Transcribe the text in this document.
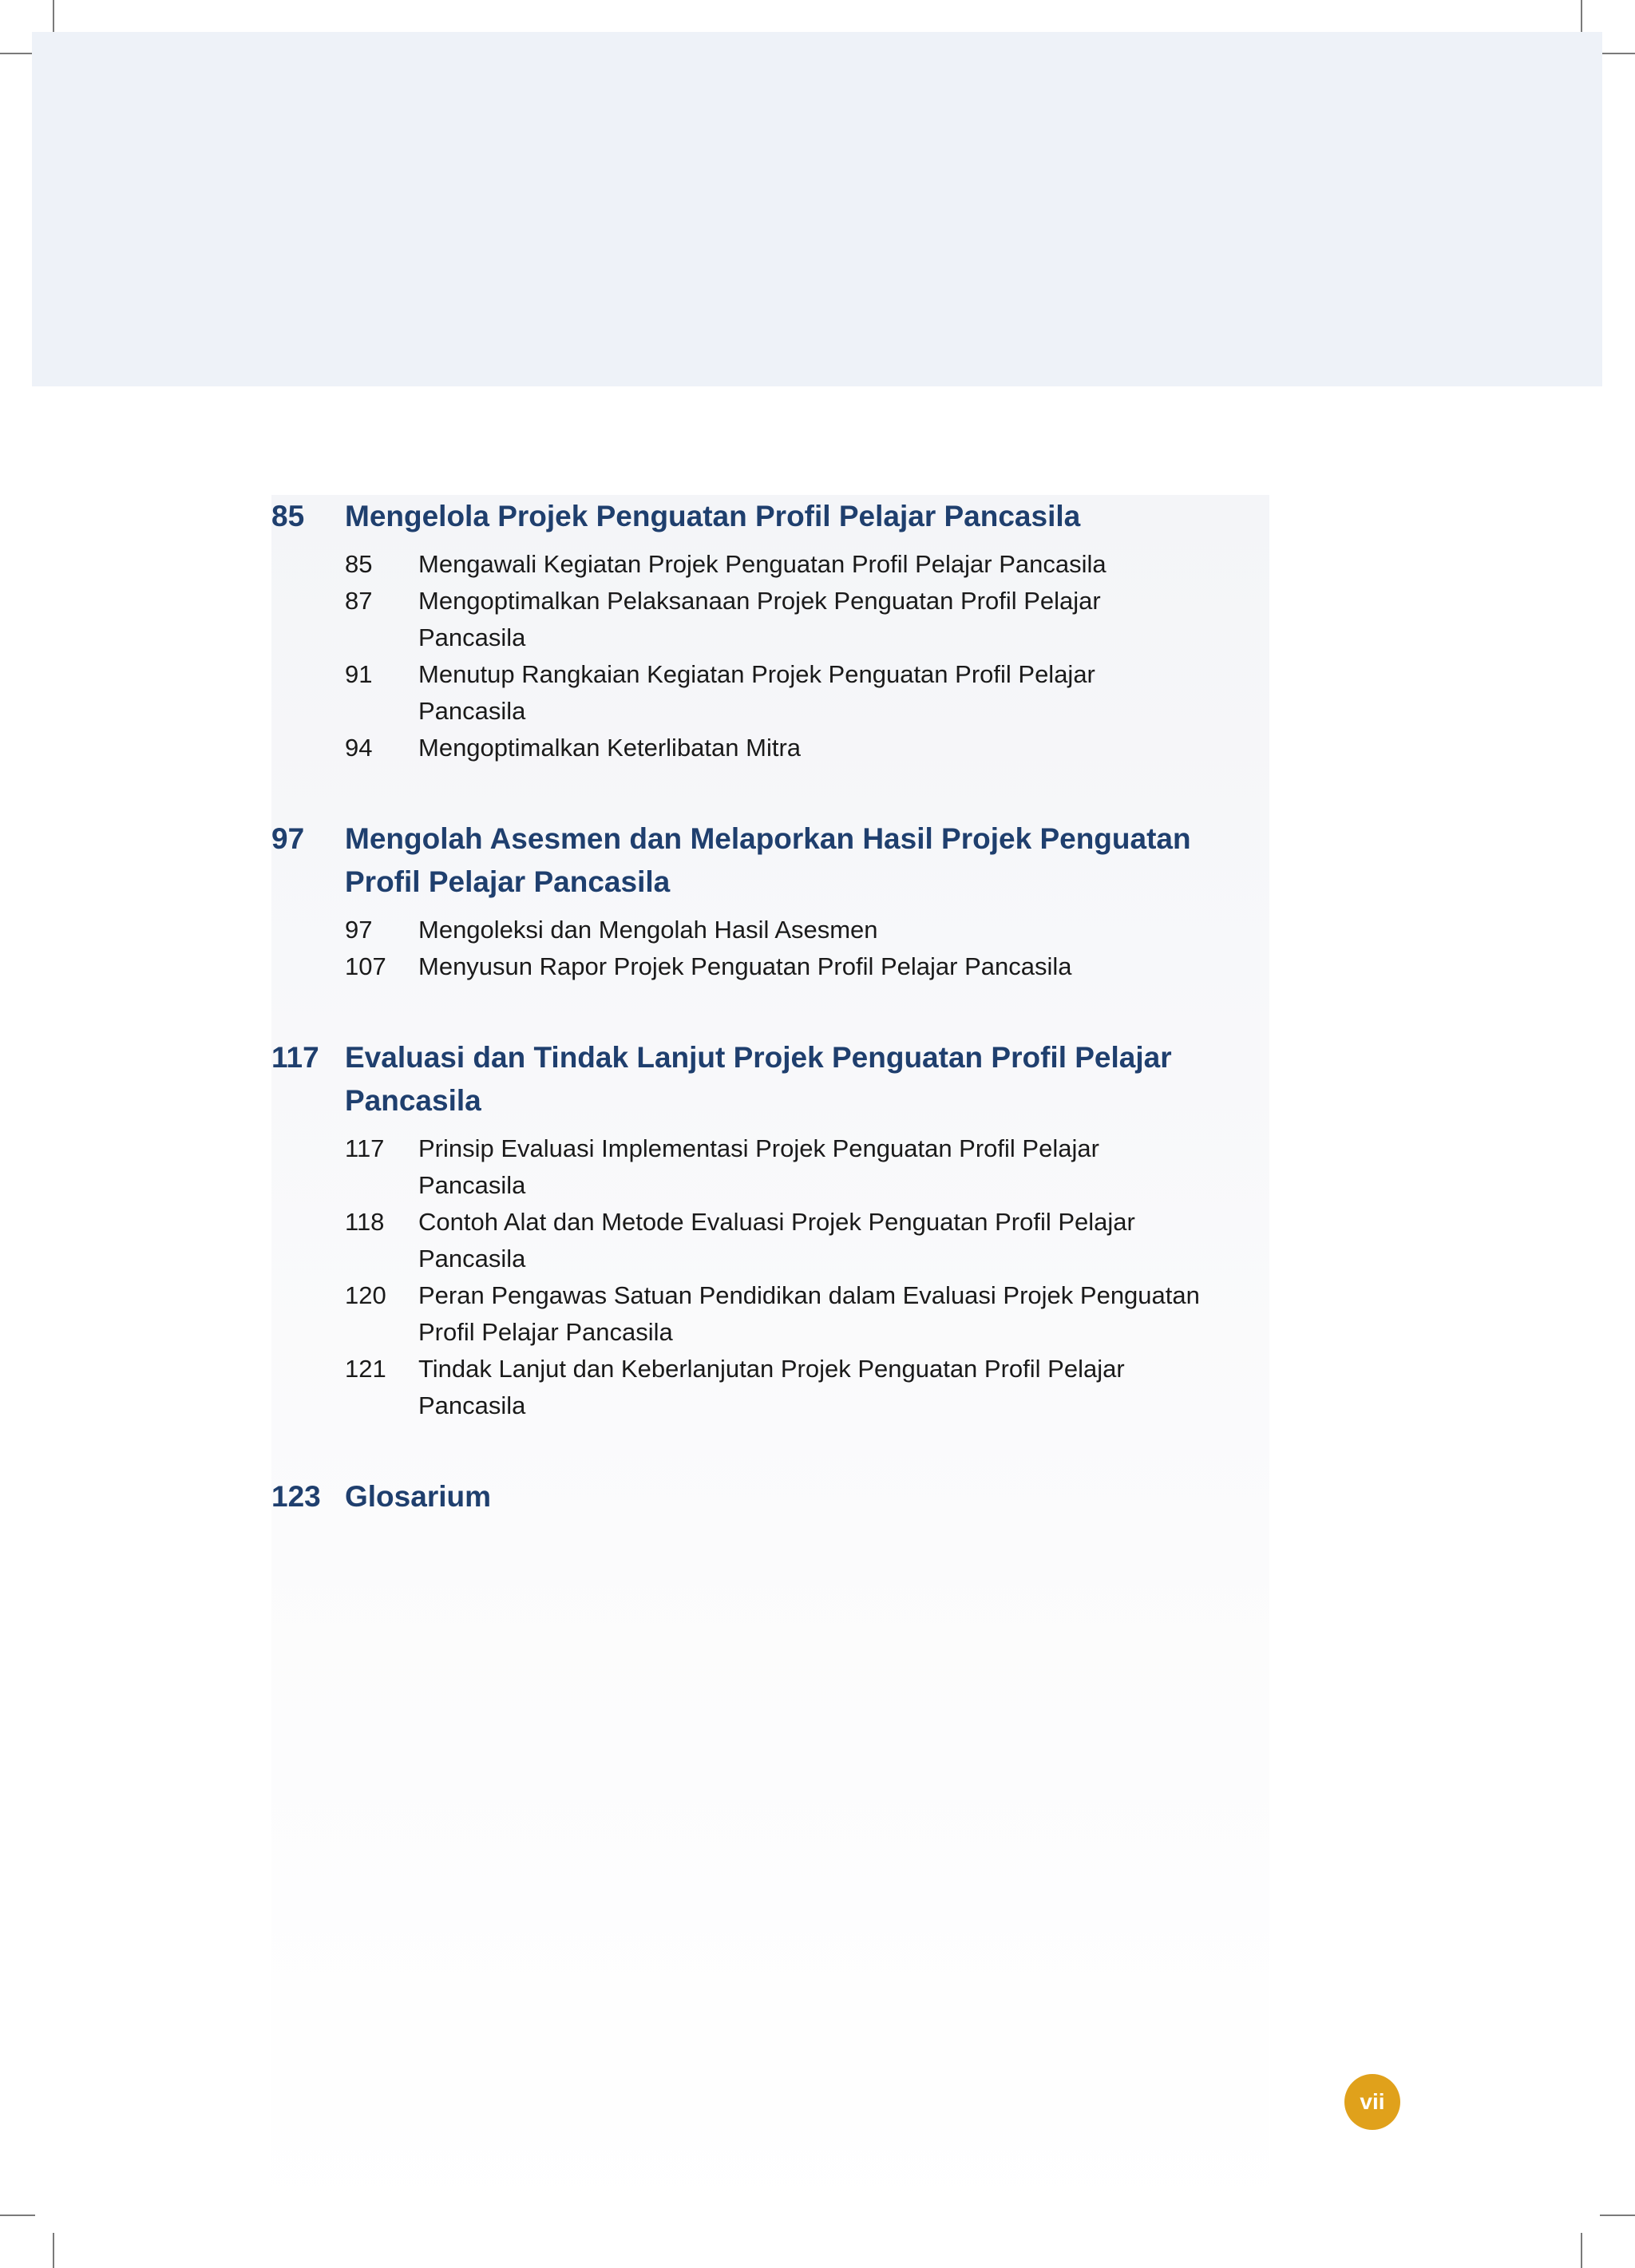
85	Mengelola Projek Penguatan Profil Pelajar Pancasila
85	Mengawali Kegiatan Projek Penguatan Profil Pelajar Pancasila
87	Mengoptimalkan Pelaksanaan Projek Penguatan Profil Pelajar
Pancasila
91	Menutup Rangkaian Kegiatan Projek Penguatan Profil Pelajar
Pancasila
94	Mengoptimalkan Keterlibatan Mitra
97	Mengolah Asesmen dan Melaporkan Hasil Projek Penguatan
Profil Pelajar Pancasila
97	Mengoleksi dan Mengolah Hasil Asesmen
107	Menyusun Rapor Projek Penguatan Profil Pelajar Pancasila
117 Evaluasi dan Tindak Lanjut Projek Penguatan Profil Pelajar
Pancasila
117	Prinsip Evaluasi Implementasi Projek Penguatan Profil Pelajar
Pancasila
118	Contoh Alat dan Metode Evaluasi Projek Penguatan Profil Pelajar
Pancasila
120	Peran Pengawas Satuan Pendidikan dalam Evaluasi Projek Penguatan
Profil Pelajar Pancasila
121	Tindak Lanjut dan Keberlanjutan Projek Penguatan Profil Pelajar
Pancasila
123 Glosarium
vii
